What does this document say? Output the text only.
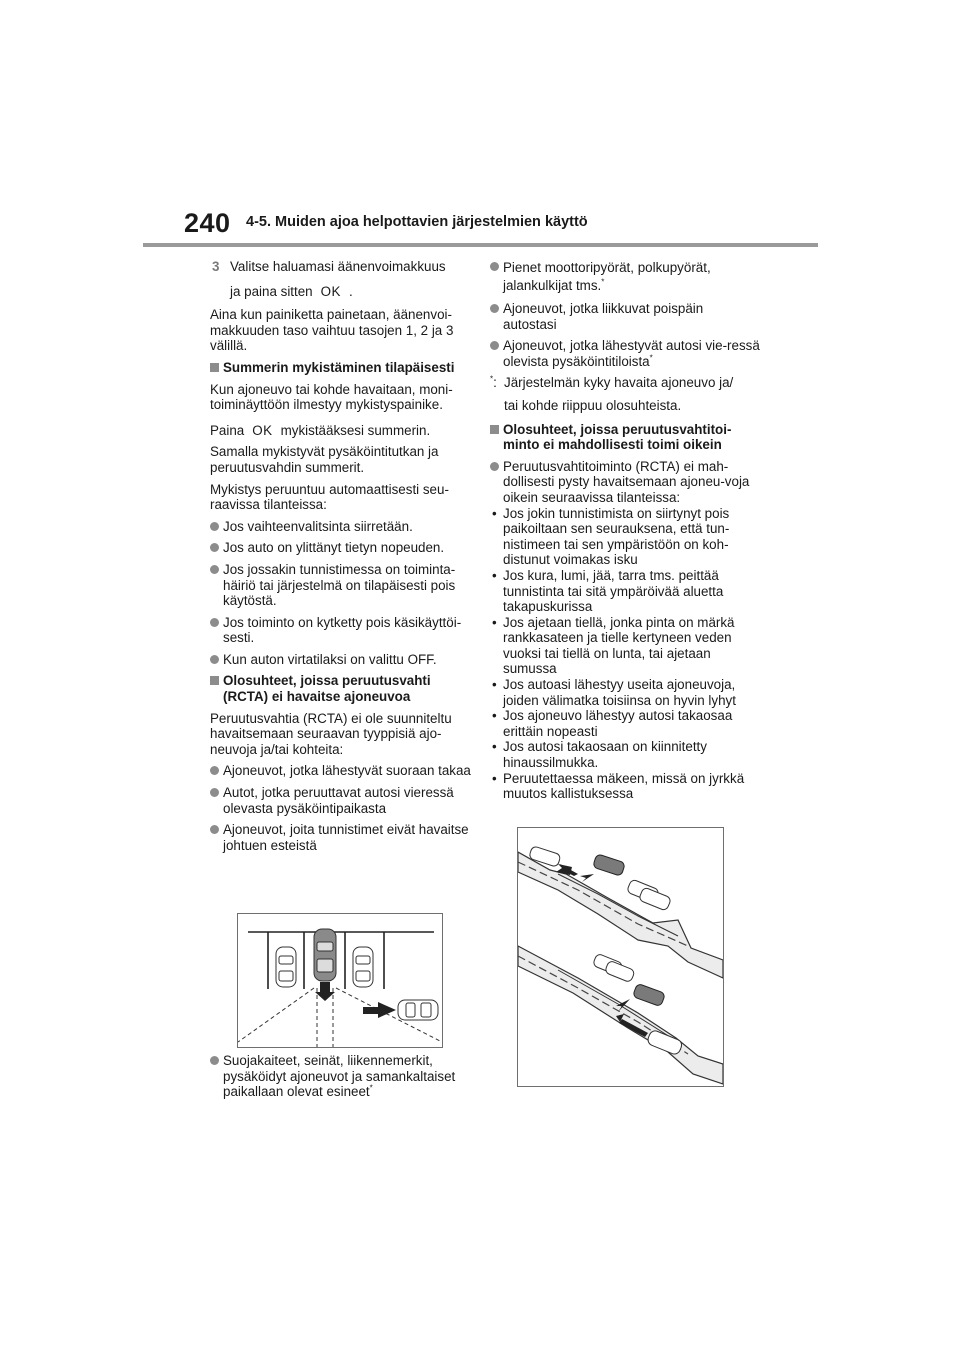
240 4-5. Muiden ajoa helpottavien järjestelmien käyttö
3 Valitse haluamasi äänenvoimakkuus
ja paina sitten OK .

Aina kun painiketta painetaan, äänenvoi-makkuuden taso vaihtuu tasojen 1, 2 ja 3 välillä.

Summerin mykistäminen tilapäisesti

Kun ajoneuvo tai kohde havaitaan, moni-toiminäyttöön ilmestyy mykistyspainike.

Paina OK mykistääksesi summerin.

Samalla mykistyvät pysäköintitutkan ja peruutusvahdin summerit.

Mykistys peruuntuu automaattisesti seu-raavissa tilanteissa:

Jos vaihteenvalitsinta siirretään.
Jos auto on ylittänyt tietyn nopeuden.
Jos jossakin tunnistimessa on toiminta-häiriö tai järjestelmä on tilapäisesti pois käytöstä.
Jos toiminto on kytketty pois käsikäyttöi-sesti.
Kun auton virtatilaksi on valittu OFF.
Olosuhteet, joissa peruutusvahti (RCTA) ei havaitse ajoneuvoa

Peruutusvahtia (RCTA) ei ole suunniteltu havaitsemaan seuraavan tyyppisiä ajo-neuvoja ja/tai kohteita:

Ajoneuvot, jotka lähestyvät suoraan takaa
Autot, jotka peruuttavat autosi vieressä olevasta pysäköintipaikasta
Ajoneuvot, joita tunnistimet eivät havaitse johtuen esteistä
Suojakaiteet, seinät, liikennemerkit, pysäköidyt ajoneuvot ja samankaltaiset paikallaan olevat esineet*
Pienet moottoripyörät, polkupyörät, jalankulkijat tms.*
Ajoneuvot, jotka liikkuvat poispäin autostasi
Ajoneuvot, jotka lähestyvät autosi vie-ressä olevista pysäköintitiloista*
*: Järjestelmän kyky havaita ajoneuvo ja/
tai kohde riippuu olosuhteista.
Olosuhteet, joissa peruutusvahtitoi-minto ei mahdollisesti toimi oikein
Peruutusvahtitoiminto (RCTA) ei mah-dollisesti pysty havaitsemaan ajoneu-voja oikein seuraavissa tilanteissa:
• Jos jokin tunnistimista on siirtynyt pois paikoiltaan sen seurauksena, että tun-nistimeen tai sen ympäristöön on koh-distunut voimakas isku
• Jos kura, lumi, jää, tarra tms. peittää tunnistinta tai sitä ympäröivää aluetta takapuskurissa
• Jos ajetaan tiellä, jonka pinta on märkä rankkasateen ja tielle kertyneen veden vuoksi tai tiellä on lunta, tai ajetaan sumussa
• Jos autoasi lähestyy useita ajoneuvoja, joiden välimatka toisiinsa on hyvin lyhyt
• Jos ajoneuvo lähestyy autosi takaosaa erittäin nopeasti
• Jos autosi takaosaan on kiinnitetty hinaussilmukka.
• Peruutettaessa mäkeen, missä on jyrkkä muutos kallistuksessa
